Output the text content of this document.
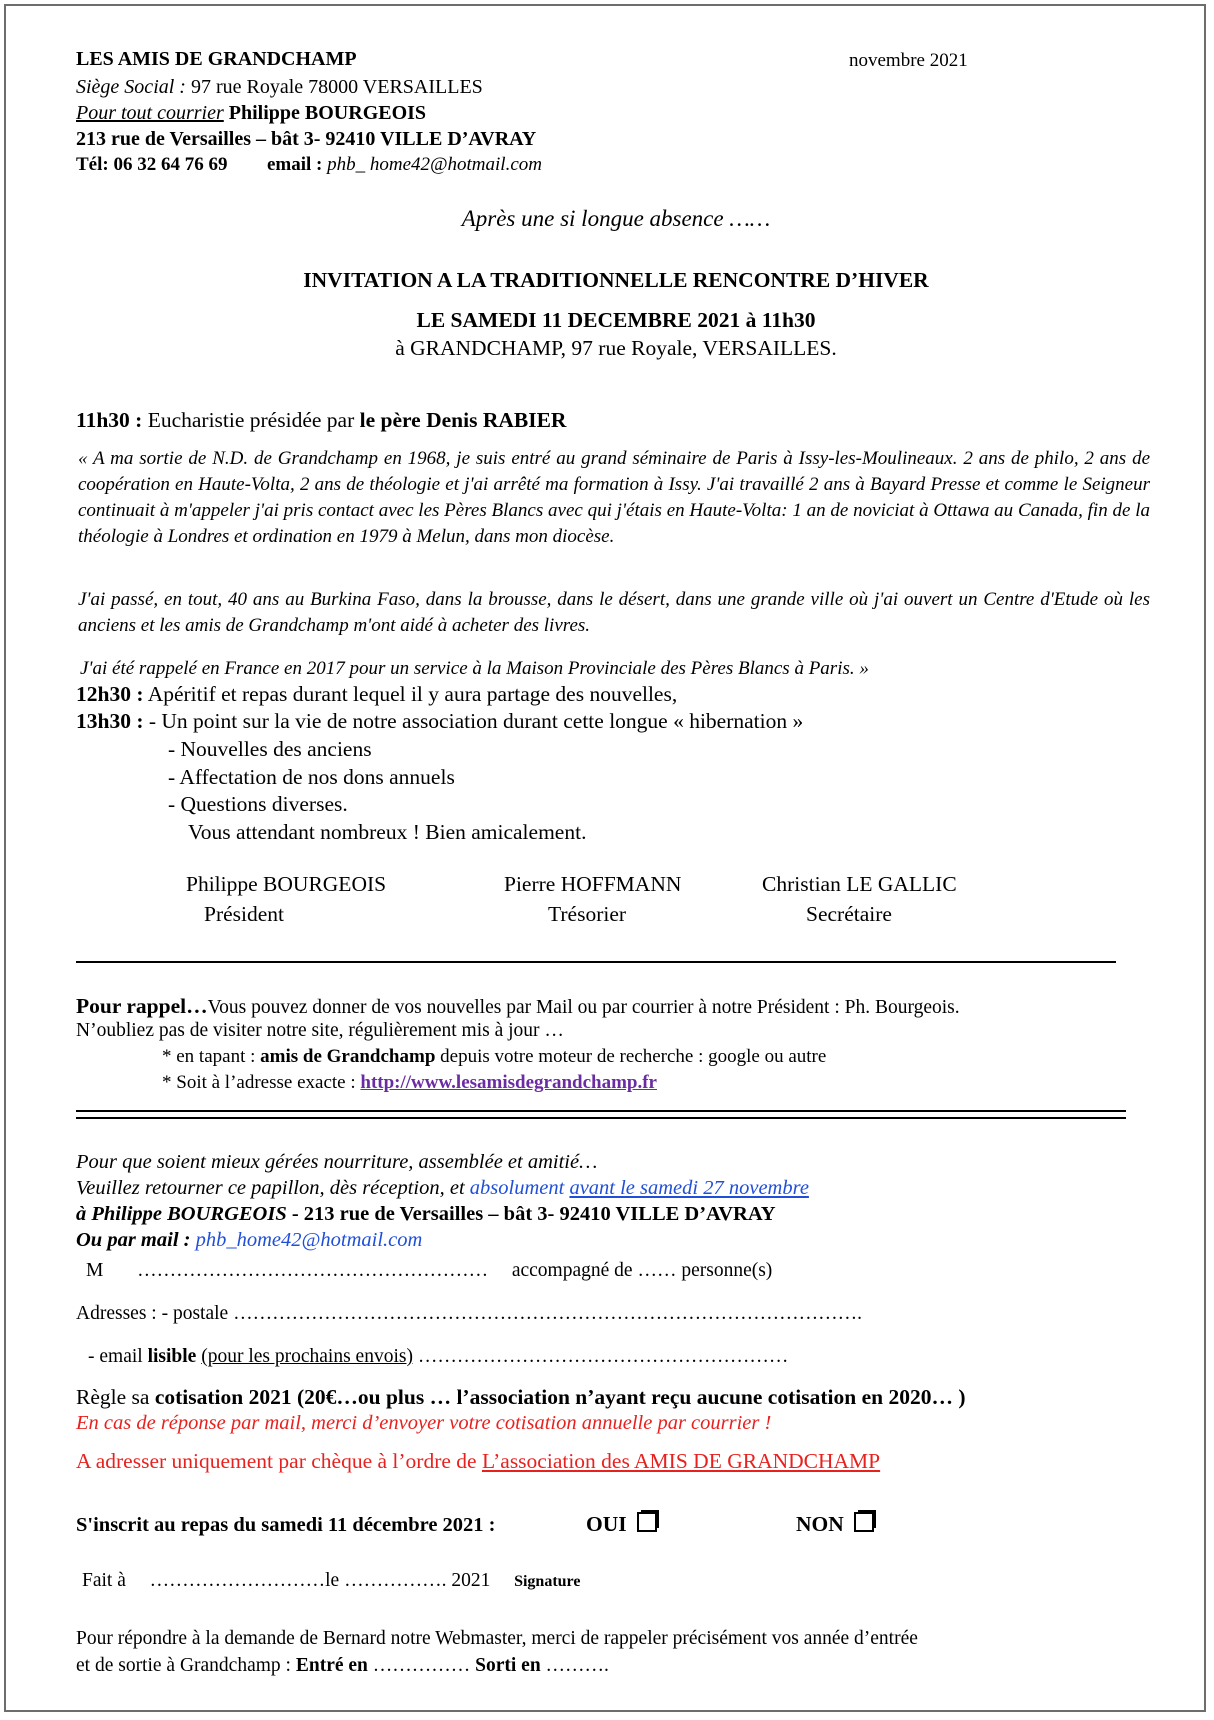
LES AMIS DE GRANDCHAMP	novembre 2021
Siège Social : 97 rue Royale 78000 VERSAILLES
Pour tout courrier Philippe BOURGEOIS
213 rue de Versailles – bât 3- 92410 VILLE D’AVRAY
Tél: 06 32 64 76 69 email : phb_ home42@hotmail.com
Après une si longue absence ……
INVITATION A LA TRADITIONNELLE RENCONTRE D’HIVER
LE SAMEDI 11 DECEMBRE 2021 à 11h30
à GRANDCHAMP, 97 rue Royale, VERSAILLES.
11h30 : Eucharistie présidée par le père Denis RABIER
« A ma sortie de N.D. de Grandchamp en 1968, je suis entré au grand séminaire de Paris à Issy-les-Moulineaux. 2 ans de philo, 2 ans de coopération en Haute-Volta, 2 ans de théologie et j'ai arrêté ma formation à Issy. J'ai travaillé 2 ans à Bayard Presse et comme le Seigneur continuait à m'appeler j'ai pris contact avec les Pères Blancs avec qui j'étais en Haute-Volta: 1 an de noviciat à Ottawa au Canada, fin de la théologie à Londres et ordination en 1979 à Melun, dans mon diocèse.
J'ai passé, en tout, 40 ans au Burkina Faso, dans la brousse, dans le désert, dans une grande ville où j'ai ouvert un Centre d'Etude où les anciens et les amis de Grandchamp m'ont aidé à acheter des livres.
J'ai été rappelé en France en 2017 pour un service à la Maison Provinciale des Pères Blancs à Paris. »
12h30 : Apéritif et repas durant lequel il y aura partage des nouvelles,
13h30 : - Un point sur la vie de notre association durant cette longue « hibernation »
- Nouvelles des anciens
- Affectation de nos dons annuels
- Questions diverses.
Vous attendant nombreux ! Bien amicalement.
Philippe BOURGEOIS
Président
Pierre HOFFMANN
Trésorier
Christian LE GALLIC
Secrétaire
Pour rappel…Vous pouvez donner de vos nouvelles par Mail ou par courrier à notre Président : Ph. Bourgeois.
N’oubliez pas de visiter notre site, régulièrement mis à jour …
* en tapant : amis de Grandchamp depuis votre moteur de recherche : google ou autre
* Soit à l’adresse exacte : http://www.lesamisdegrandchamp.fr
Pour que soient mieux gérées nourriture, assemblée et amitié…
Veuillez retourner ce papillon, dès réception, et absolument avant le samedi 27 novembre
à Philippe BOURGEOIS - 213 rue de Versailles – bât 3- 92410 VILLE D’AVRAY
Ou par mail : phb_home42@hotmail.com
M ……………………………………………… accompagné de …… personne(s)
Adresses : - postale …………………………………………………………………………………….
- email lisible (pour les prochains envois) …………………………………………………
Règle sa cotisation 2021 (20€…ou plus … l’association n’ayant reçu aucune cotisation en 2020… )
En cas de réponse par mail, merci d’envoyer votre cotisation annuelle par courrier !
A adresser uniquement par chèque à l’ordre de L’association des AMIS DE GRANDCHAMP
S'inscrit au repas du samedi 11 décembre 2021 :	OUI	NON
Fait à ………………………le ……………. 2021 Signature
Pour répondre à la demande de Bernard notre Webmaster, merci de rappeler précisément vos année d’entrée
et de sortie à Grandchamp : Entré en …………… Sorti en ……….
